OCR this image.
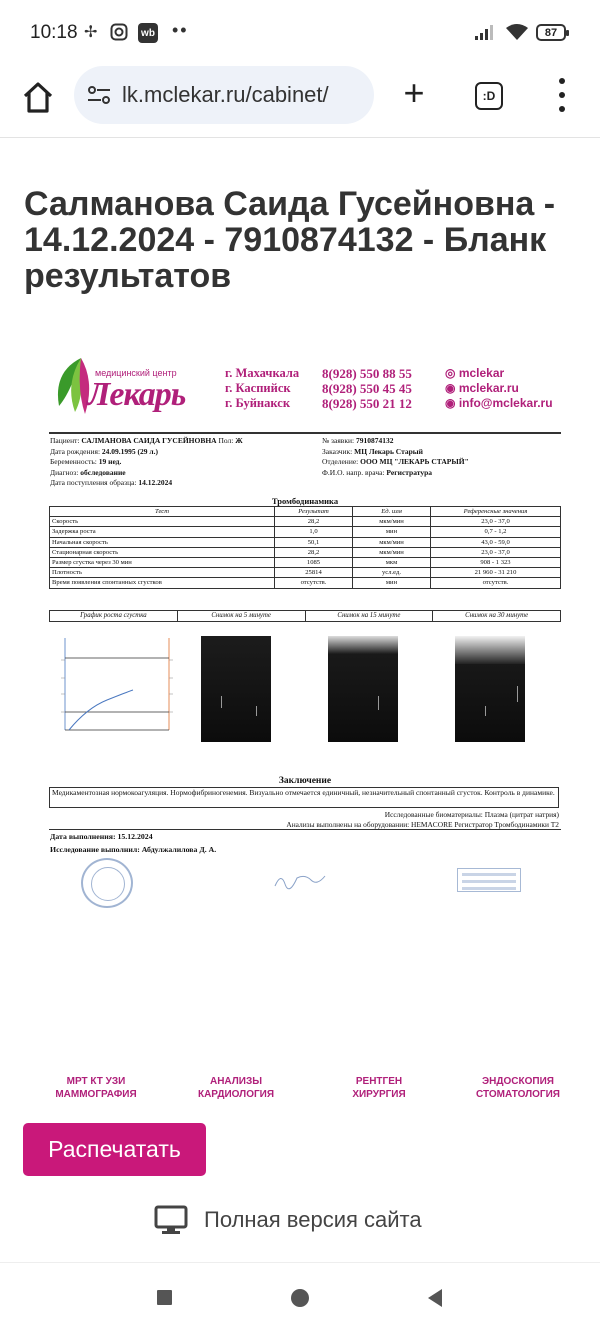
10:18 ✢	wb ••	87
lk.mclekar.ru/cabinet/ +	:D
Салманова Саида Гусейновна - 14.12.2024 - 7910874132 - Бланк результатов
медицинский центр
Лекарь
г. Махачкала
г. Каспийск
г. Буйнакск
8(928) 550 88 55
8(928) 550 45 45
8(928) 550 21 12
◎ mclekar
◉ mclekar.ru
◉ info@mclekar.ru
Пациент: САЛМАНОВА САИДА ГУСЕЙНОВНА Пол: Ж
Дата рождения: 24.09.1995 (29 л.)
Беременность: 19 нед.
Диагноз: обследование
Дата поступления образца: 14.12.2024
№ заявки: 7910874132
Заказчик: МЦ Лекарь Старый
Отделение: ООО МЦ "ЛЕКАРЬ СТАРЫЙ"
Ф.И.О. напр. врача: Регистратура
Тромбодинамика
Тест	Результат	Ед. изм	Референсные значения
Скорость	28,2	мкм/мин	23,0 - 37,0
Задержка роста	1,0	мин	0,7 - 1,2
Начальная скорость	50,1	мкм/мин	43,0 - 59,0
Стационарная скорость	28,2	мкм/мин	23,0 - 37,0
Размер сгустка через 30 мин	1085	мкм	908 - 1 323
Плотность	25814	усл.ед.	21 960 - 31 210
Время появления спонтанных сгустков	отсутств.	мин	отсутств.
График роста сгустка	Снимок на 5 минуте	Снимок на 15 минуте	Снимок на 30 минуте
Заключение
Медикаментозная нормокоагуляция. Нормофибриногенемия. Визуально отмечается единичный, незначительный спонтанный сгусток. Контроль в динамике.
Исследованные биоматериалы: Плазма (цитрат натрия)
Анализы выполнены на оборудовании: HEMACORE Регистратор Тромбодинамики Т2
Дата выполнения: 15.12.2024
Исследование выполнил: Абдулжалилова Д. А.
МРТ КТ УЗИ
МАММОГРАФИЯ
АНАЛИЗЫ
КАРДИОЛОГИЯ
РЕНТГЕН
ХИРУРГИЯ
ЭНДОСКОПИЯ
СТОМАТОЛОГИЯ
Распечатать
Полная версия сайта
